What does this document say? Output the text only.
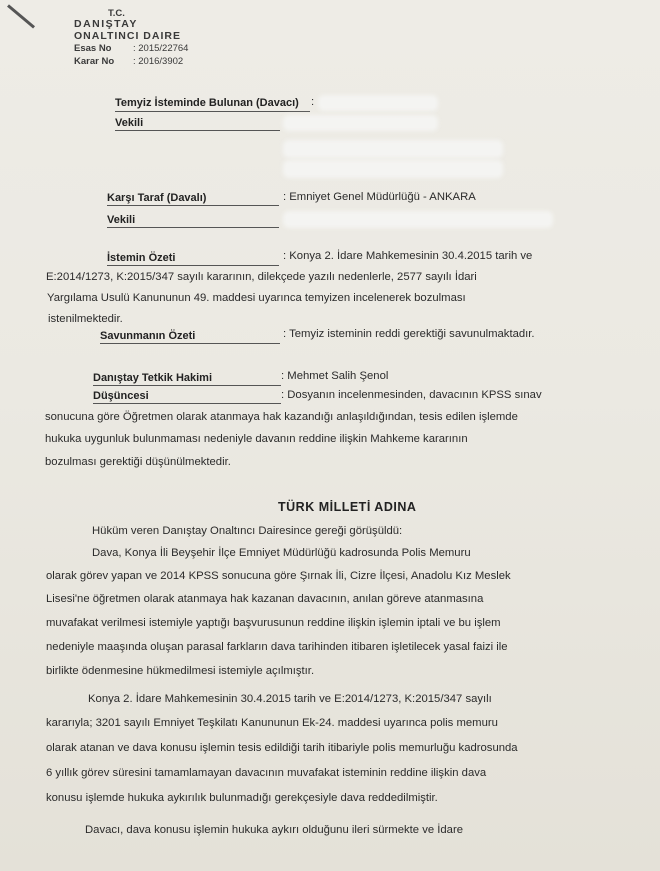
T.C.
DANIŞTAY
ONALTINCI DAIRE
Esas No : 2015/22764
Karar No : 2016/3902
Temyiz İsteminde Bulunan (Davacı) :
Vekili
Karşı Taraf (Davalı)	: Emniyet Genel Müdürlüğü - ANKARA
Vekili
İstemin Özeti	: Konya 2. İdare Mahkemesinin 30.4.2015 tarih ve
E:2014/1273, K:2015/347 sayılı kararının, dilekçede yazılı nedenlerle, 2577 sayılı İdari
Yargılama Usulü Kanununun 49. maddesi uyarınca temyizen incelenerek bozulması
istenilmektedir.
Savunmanın Özeti	: Temyiz isteminin reddi gerektiği savunulmaktadır.
Danıştay Tetkik Hakimi	: Mehmet Salih Şenol
Düşüncesi	: Dosyanın incelenmesinden, davacının KPSS sınav
sonucuna göre Öğretmen olarak atanmaya hak kazandığı anlaşıldığından, tesis edilen işlemde
hukuka uygunluk bulunmaması nedeniyle davanın reddine ilişkin Mahkeme kararının
bozulması gerektiği düşünülmektedir.
TÜRK MİLLETİ ADINA
Hüküm veren Danıştay Onaltıncı Dairesince gereği görüşüldü:
Dava, Konya İli Beyşehir İlçe Emniyet Müdürlüğü kadrosunda Polis Memuru
olarak görev yapan ve 2014 KPSS sonucuna göre Şırnak İli, Cizre İlçesi, Anadolu Kız Meslek
Lisesi'ne öğretmen olarak atanmaya hak kazanan davacının, anılan göreve atanmasına
muvafakat verilmesi istemiyle yaptığı başvurusunun reddine ilişkin işlemin iptali ve bu işlem
nedeniyle maaşında oluşan parasal farkların dava tarihinden itibaren işletilecek yasal faizi ile
birlikte ödenmesine hükmedilmesi istemiyle açılmıştır.
Konya 2. İdare Mahkemesinin 30.4.2015 tarih ve E:2014/1273, K:2015/347 sayılı
kararıyla; 3201 sayılı Emniyet Teşkilatı Kanununun Ek-24. maddesi uyarınca polis memuru
olarak atanan ve dava konusu işlemin tesis edildiği tarih itibariyle polis memurluğu kadrosunda
6 yıllık görev süresini tamamlamayan davacının muvafakat isteminin reddine ilişkin dava
konusu işlemde hukuka aykırılık bulunmadığı gerekçesiyle dava reddedilmiştir.
Davacı, dava konusu işlemin hukuka aykırı olduğunu ileri sürmekte ve İdare
